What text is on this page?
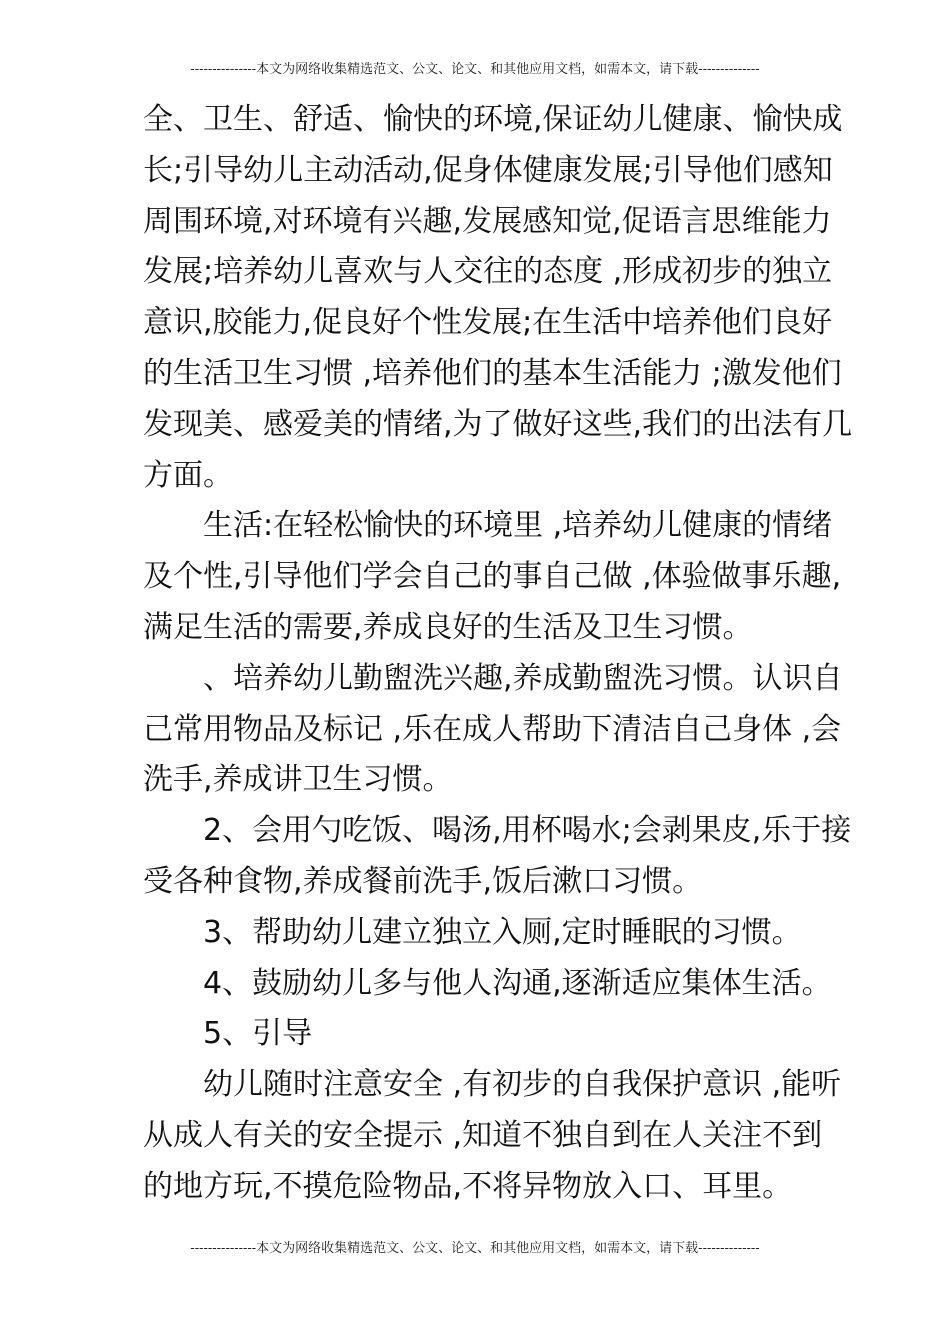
---------------本文为网络收集精选范文、公文、论文、和其他应用文档，如需本文，请下载--------------
全、卫生、舒适、愉快的环境,保证幼儿健康、愉快成
长;引导幼儿主动活动,促身体健康发展;引导他们感知
周围环境,对环境有兴趣,发展感知觉,促语言思维能力
发展;培养幼儿喜欢与人交往的态度 ,形成初步的独立
意识,胶能力,促良好个性发展;在生活中培养他们良好
的生活卫生习惯 ,培养他们的基本生活能力 ;激发他们
发现美、感爱美的情绪,为了做好这些,我们的出法有几
方面。
生活:在轻松愉快的环境里 ,培养幼儿健康的情绪
及个性,引导他们学会自己的事自己做 ,体验做事乐趣,
满足生活的需要,养成良好的生活及卫生习惯。
、培养幼儿勤盥洗兴趣,养成勤盥洗习惯。认识自
己常用物品及标记 ,乐在成人帮助下清洁自己身体 ,会
洗手,养成讲卫生习惯。
2、会用勺吃饭、喝汤,用杯喝水;会剥果皮,乐于接
受各种食物,养成餐前洗手,饭后漱口习惯。
3、帮助幼儿建立独立入厕,定时睡眠的习惯。
4、鼓励幼儿多与他人沟通,逐渐适应集体生活。
5、引导
幼儿随时注意安全 ,有初步的自我保护意识 ,能听
从成人有关的安全提示 ,知道不独自到在人关注不到
的地方玩,不摸危险物品,不将异物放入口、耳里。
---------------本文为网络收集精选范文、公文、论文、和其他应用文档，如需本文，请下载--------------
